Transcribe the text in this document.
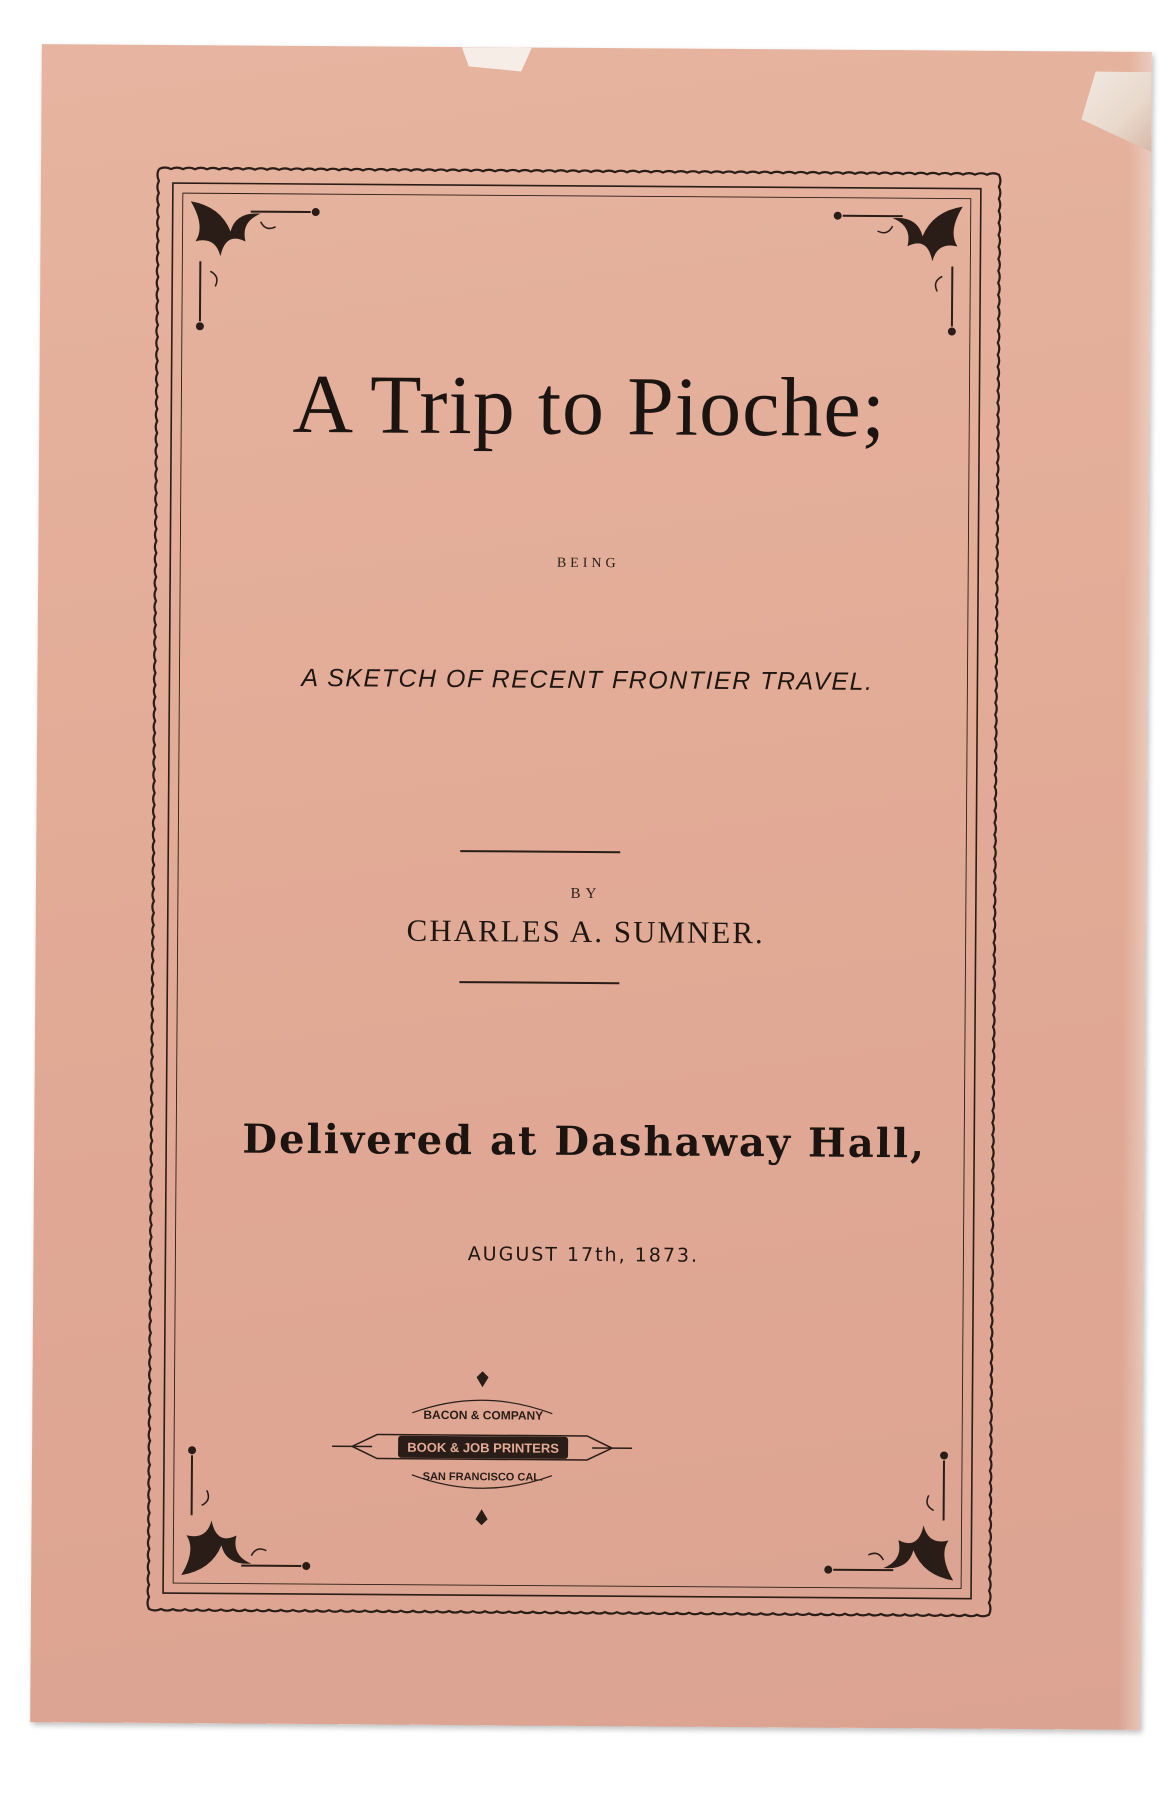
BACON & COMPANY
BOOK & JOB PRINTERS
SAN FRANCISCO CAL.
A Trip to Pioche;
BEING
A SKETCH OF RECENT FRONTIER TRAVEL.
BY
CHARLES A. SUMNER.
Delivered at Dashaway Hall,
AUGUST 17th, 1873.
